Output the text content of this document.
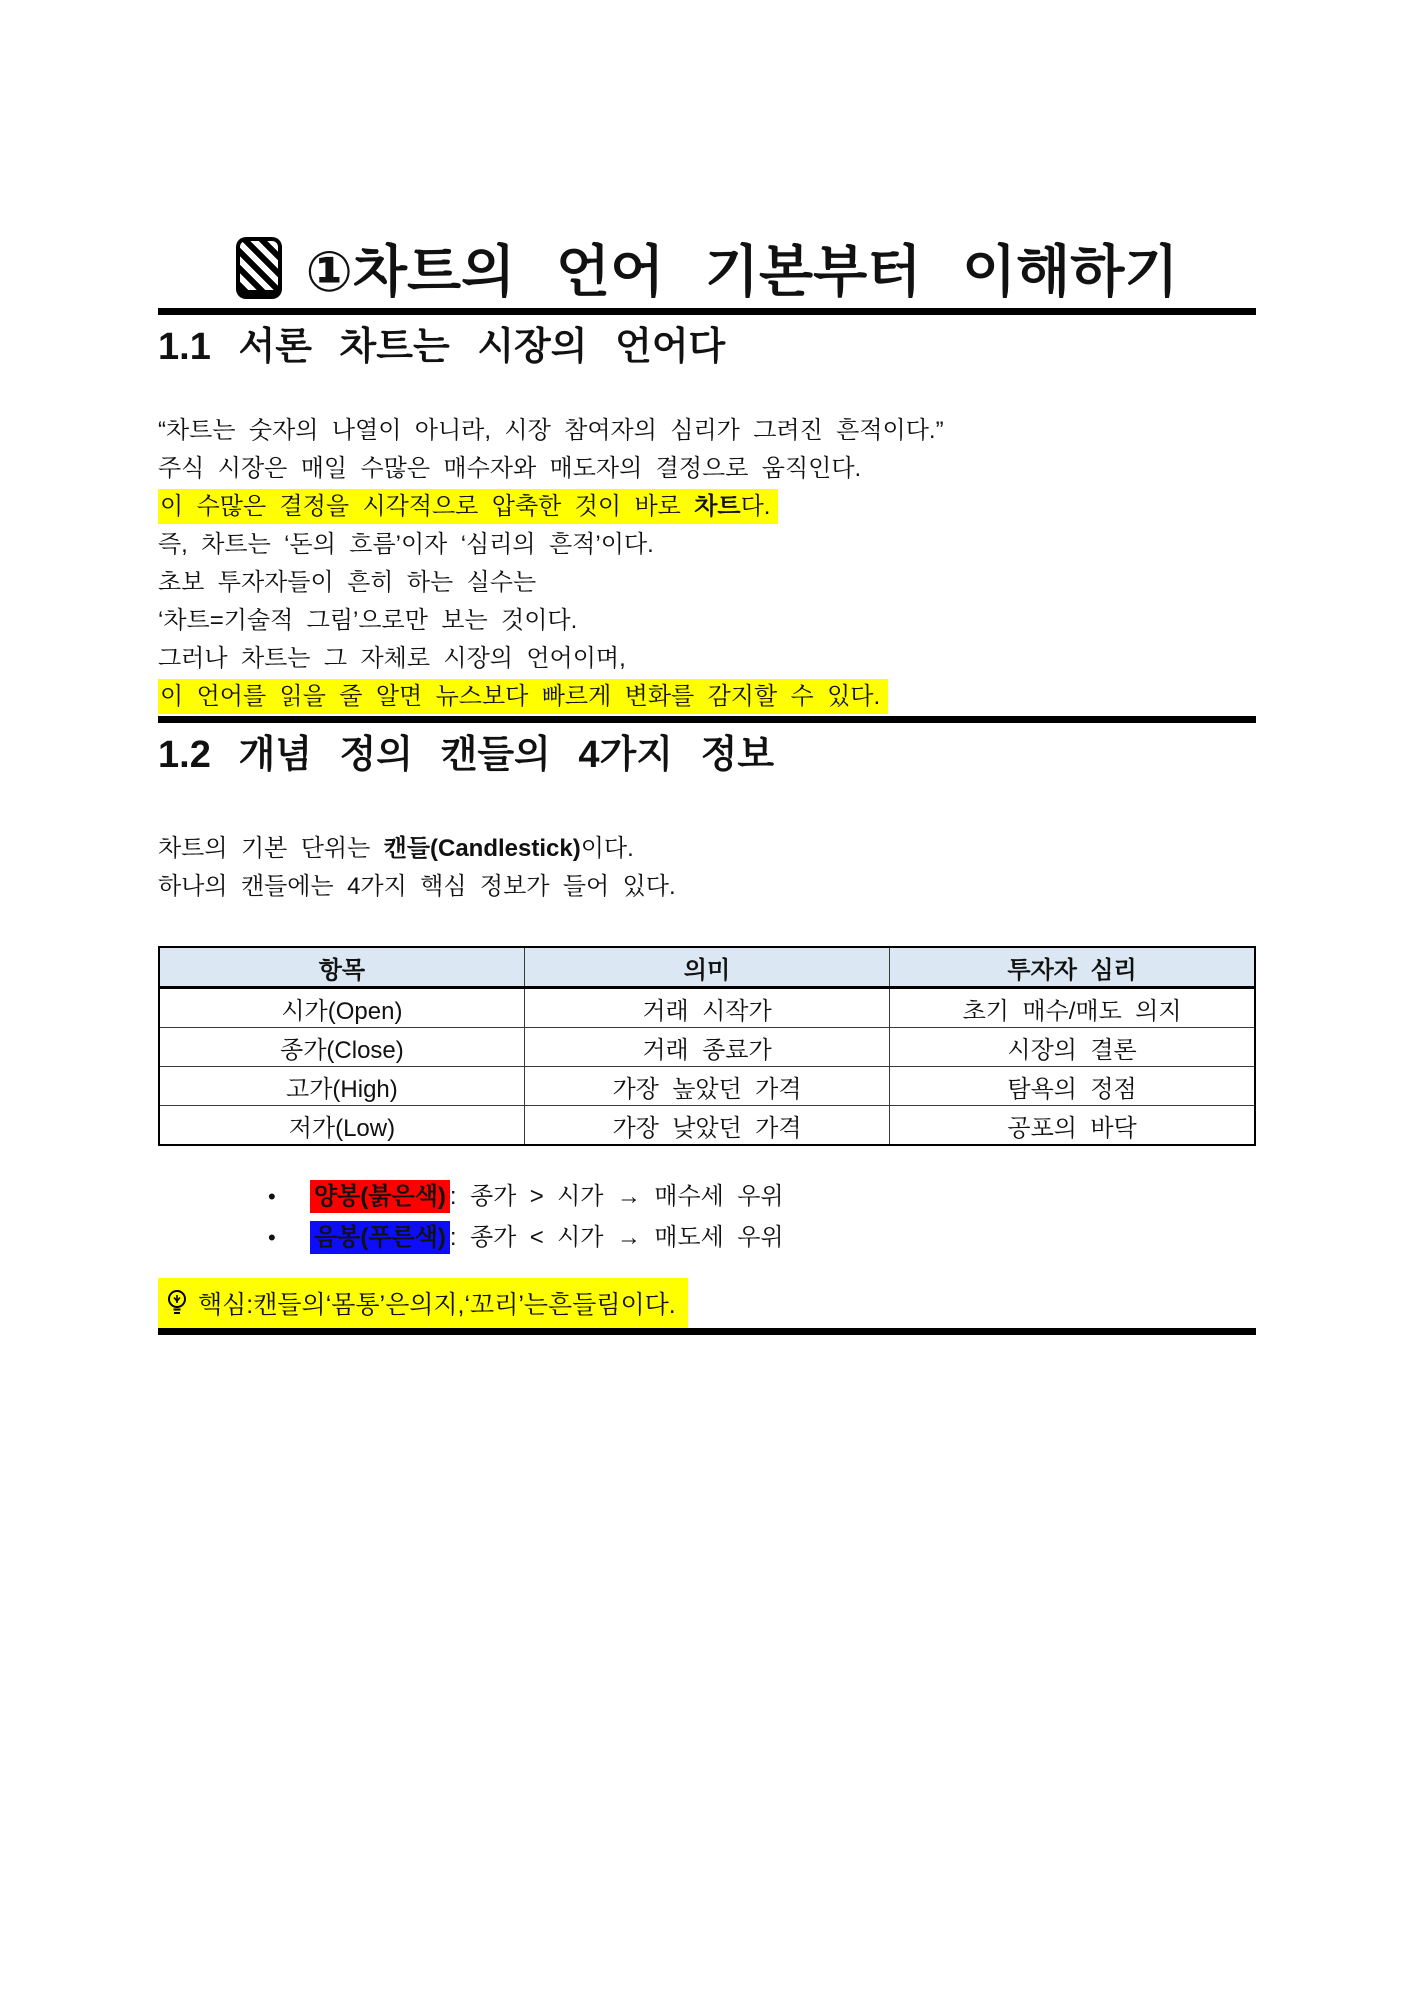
①차트의 언어 기본부터 이해하기
1.1 서론 차트는 시장의 언어다
“차트는 숫자의 나열이 아니라, 시장 참여자의 심리가 그려진 흔적이다.”
주식 시장은 매일 수많은 매수자와 매도자의 결정으로 움직인다.
이 수많은 결정을 시각적으로 압축한 것이 바로 차트다.
즉, 차트는 ‘돈의 흐름’이자 ‘심리의 흔적’이다.
초보 투자자들이 흔히 하는 실수는
‘차트=기술적 그림’으로만 보는 것이다.
그러나 차트는 그 자체로 시장의 언어이며,
이 언어를 읽을 줄 알면 뉴스보다 빠르게 변화를 감지할 수 있다.
1.2 개념 정의 캔들의 4가지 정보
차트의 기본 단위는 캔들(Candlestick)이다.
하나의 캔들에는 4가지 핵심 정보가 들어 있다.
항목	의미	투자자 심리
시가(Open)	거래 시작가	초기 매수/매도 의지
종가(Close)	거래 종료가	시장의 결론
고가(High)	가장 높았던 가격	탐욕의 정점
저가(Low)	가장 낮았던 가격	공포의 바닥
•	양봉(붉은색) : 종가 > 시가 → 매수세 우위
•	음봉(푸른색) : 종가 < 시가 → 매도세 우위
핵심:캔들의‘몸통’은의지,‘꼬리’는흔들림이다.
